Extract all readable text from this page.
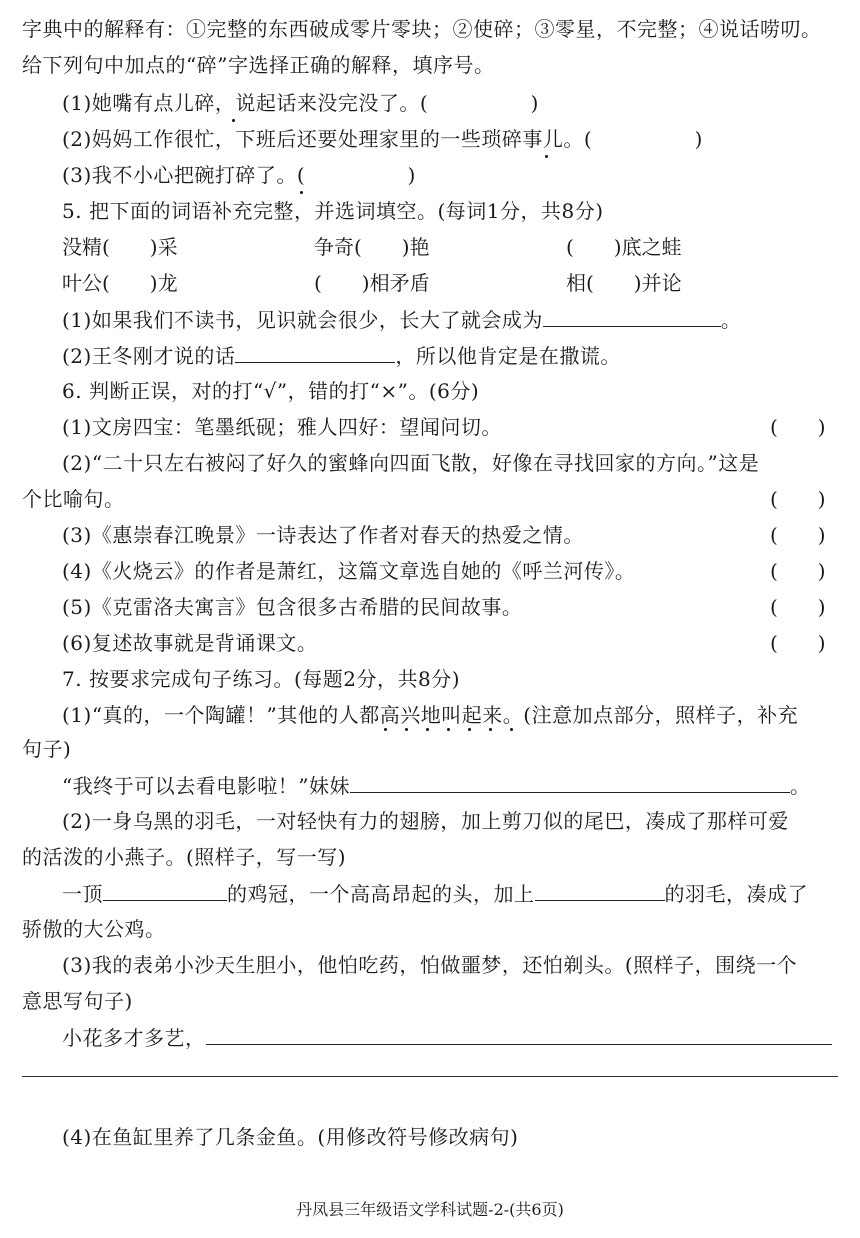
字典中的解释有：①完整的东西破成零片零块；②使碎；③零星，不完整；④说话唠叨。
给下列句中加点的“碎”字选择正确的解释，填序号。
(1)她嘴有点儿碎，说起话来没完没了。(　　　　　)
(2)妈妈工作很忙，下班后还要处理家里的一些琐碎事儿。(　　　　　)
(3)我不小心把碗打碎了。(　　　　　)
5. 把下面的词语补充完整，并选词填空。(每词1分，共8分)
没精(　　)采	争奇(　　)艳	(　　)底之蛙
叶公(　　)龙	(　　)相矛盾	相(　　)并论
(1)如果我们不读书，见识就会很少，长大了就会成为	。
(2)王冬刚才说的话	，所以他肯定是在撒谎。
6. 判断正误，对的打“√”，错的打“×”。(6分)
(1)文房四宝：笔墨纸砚；雅人四好：望闻问切。	(　　)
(2)“二十只左右被闷了好久的蜜蜂向四面飞散，好像在寻找回家的方向。”这是
个比喻句。	(　　)
(3)《惠崇春江晚景》一诗表达了作者对春天的热爱之情。	(　　)
(4)《火烧云》的作者是萧红，这篇文章选自她的《呼兰河传》。	(　　)
(5)《克雷洛夫寓言》包含很多古希腊的民间故事。	(　　)
(6)复述故事就是背诵课文。	(　　)
7. 按要求完成句子练习。(每题2分，共8分)
(1)“真的，一个陶罐！”其他的人都高兴地叫起来。(注意加点部分，照样子，补充
句子)
“我终于可以去看电影啦！”妹妹	。
(2)一身乌黑的羽毛，一对轻快有力的翅膀，加上剪刀似的尾巴，凑成了那样可爱
的活泼的小燕子。(照样子，写一写)
一顶	的鸡冠，一个高高昂起的头，加上	的羽毛，凑成了
骄傲的大公鸡。
(3)我的表弟小沙天生胆小，他怕吃药，怕做噩梦，还怕剃头。(照样子，围绕一个
意思写句子)
小花多才多艺，
(4)在鱼缸里养了几条金鱼。(用修改符号修改病句)
丹凤县三年级语文学科试题-2-(共6页)
